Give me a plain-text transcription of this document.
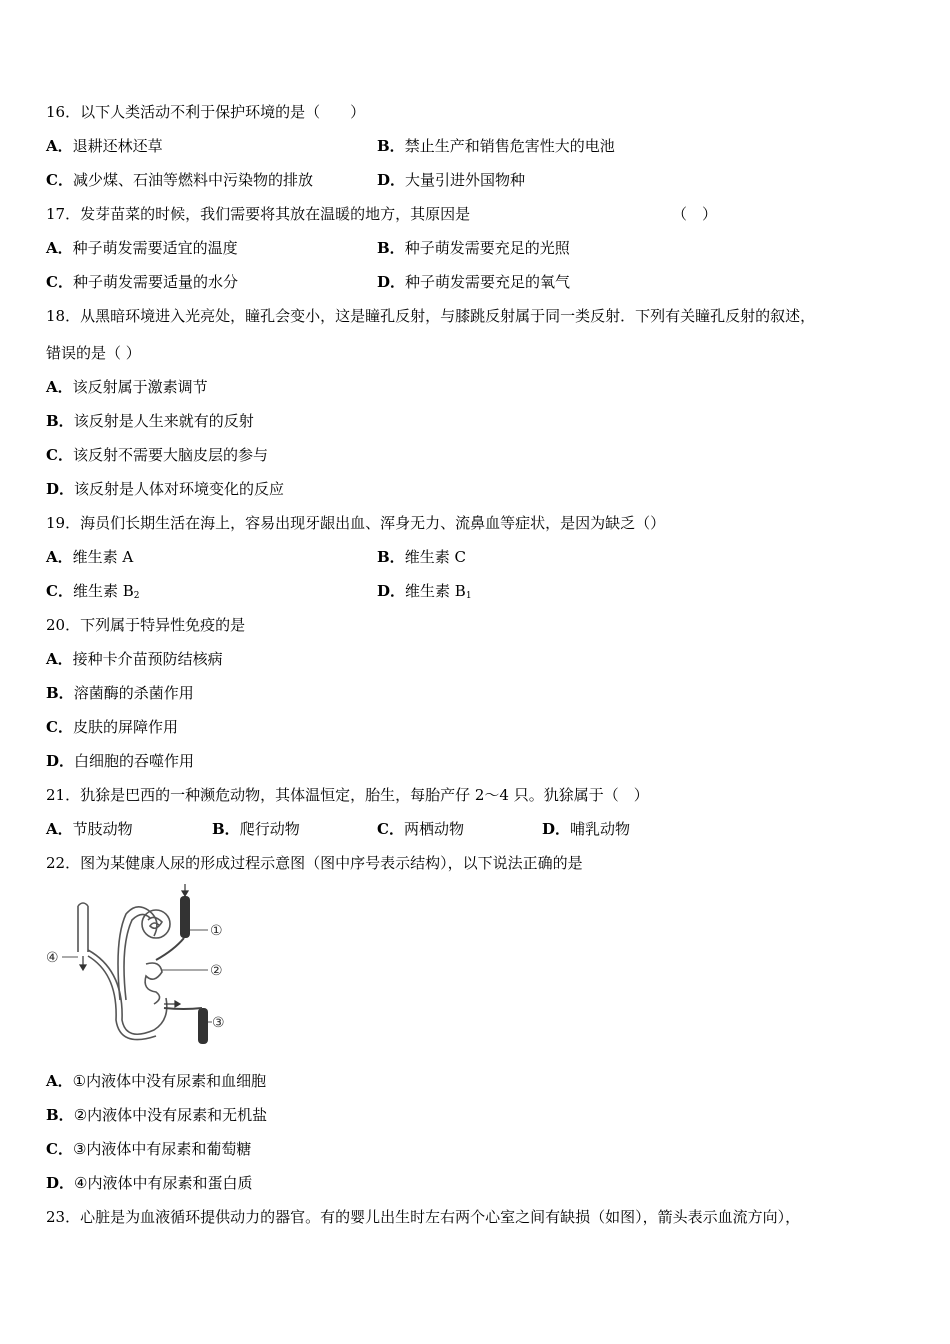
16．以下人类活动不利于保护环境的是（　　）
A．退耕还林还草	B．禁止生产和销售危害性大的电池
C．减少煤、石油等燃料中污染物的排放	D．大量引进外国物种
17．发芽苗菜的时候，我们需要将其放在温暖的地方，其原因是	（　）
A．种子萌发需要适宜的温度	B．种子萌发需要充足的光照
C．种子萌发需要适量的水分	D．种子萌发需要充足的氧气
18．从黑暗环境进入光亮处，瞳孔会变小，这是瞳孔反射，与膝跳反射属于同一类反射．下列有关瞳孔反射的叙述，
错误的是（ ）
A．该反射属于激素调节
B．该反射是人生来就有的反射
C．该反射不需要大脑皮层的参与
D．该反射是人体对环境变化的反应
19．海员们长期生活在海上，容易出现牙龈出血、浑身无力、流鼻血等症状，是因为缺乏（）
A．维生素 A	B．维生素 C
C．维生素 $B_2$	D．维生素 $B_1$
20．下列属于特异性免疫的是
A．接种卡介苗预防结核病
B．溶菌酶的杀菌作用
C．皮肤的屏障作用
D．白细胞的吞噬作用
21．犰狳是巴西的一种濒危动物，其体温恒定，胎生，每胎产仔 2～4 只。犰狳属于（　）
A．节肢动物	B．爬行动物	C．两栖动物	D．哺乳动物
22．图为某健康人尿的形成过程示意图（图中序号表示结构），以下说法正确的是
①
②
③
④
A．①内液体中没有尿素和血细胞
B．②内液体中没有尿素和无机盐
C．③内液体中有尿素和葡萄糖
D．④内液体中有尿素和蛋白质
23．心脏是为血液循环提供动力的器官。有的婴儿出生时左右两个心室之间有缺损（如图），箭头表示血流方向），
